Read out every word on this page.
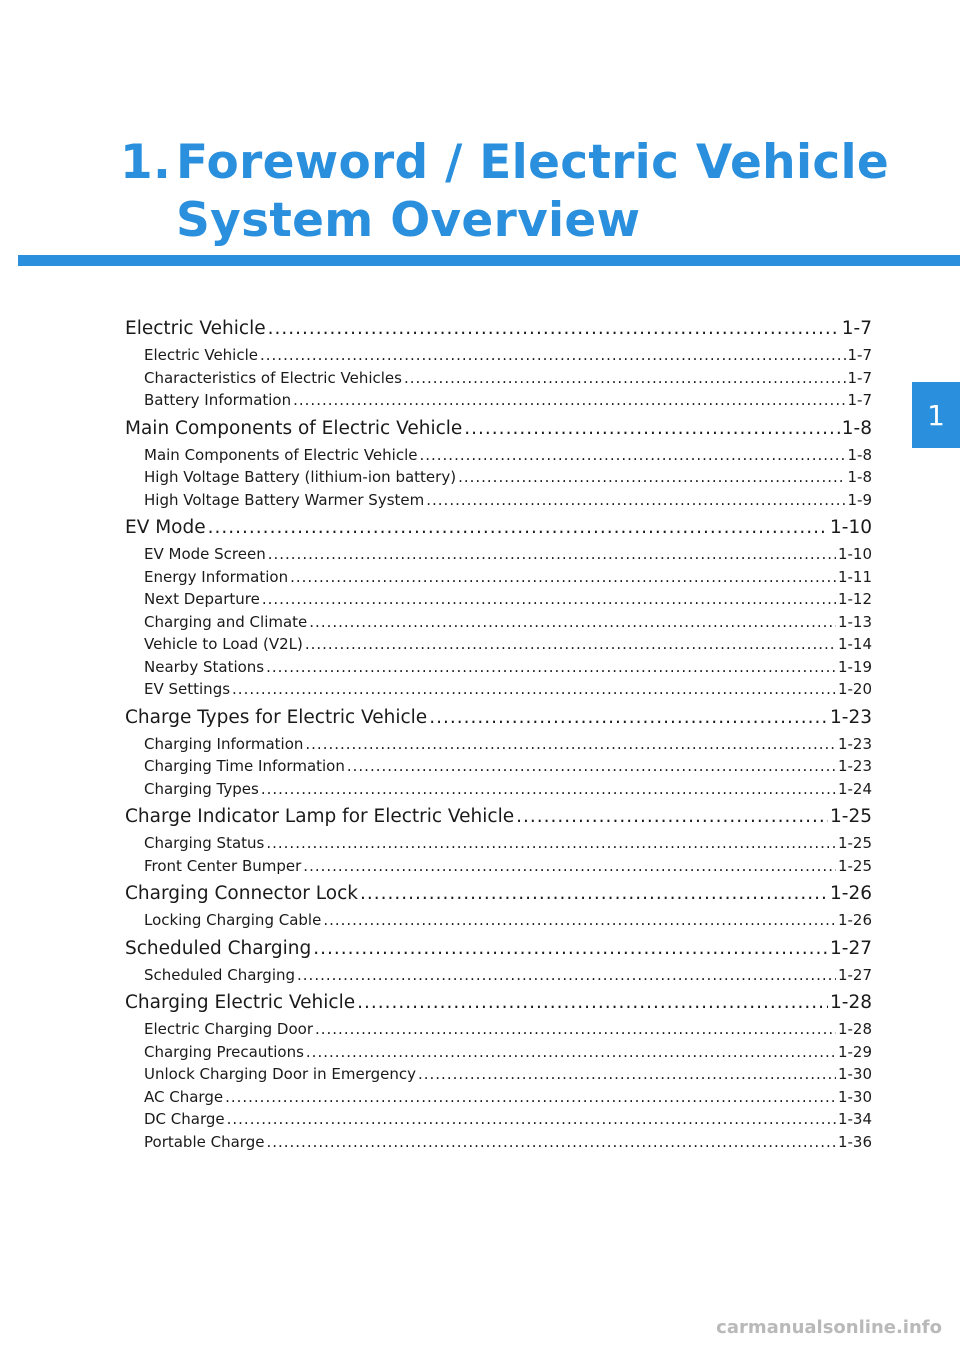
1. Foreword / Electric Vehicle
System Overview
1
Electric Vehicle .....	1-7
Electric Vehicle .....	1-7
Characteristics of Electric Vehicles .....	1-7
Battery Information .....	1-7
Main Components of Electric Vehicle .....	1-8
Main Components of Electric Vehicle .....	1-8
High Voltage Battery (lithium-ion battery) .....	1-8
High Voltage Battery Warmer System .....	1-9
EV Mode .....	1-10
EV Mode Screen .....	1-10
Energy Information .....	1-11
Next Departure .....	1-12
Charging and Climate .....	1-13
Vehicle to Load (V2L) .....	1-14
Nearby Stations .....	1-19
EV Settings .....	1-20
Charge Types for Electric Vehicle .....	1-23
Charging Information .....	1-23
Charging Time Information .....	1-23
Charging Types .....	1-24
Charge Indicator Lamp for Electric Vehicle .....	1-25
Charging Status .....	1-25
Front Center Bumper .....	1-25
Charging Connector Lock .....	1-26
Locking Charging Cable .....	1-26
Scheduled Charging .....	1-27
Scheduled Charging .....	1-27
Charging Electric Vehicle .....	1-28
Electric Charging Door .....	1-28
Charging Precautions .....	1-29
Unlock Charging Door in Emergency .....	1-30
AC Charge .....	1-30
DC Charge .....	1-34
Portable Charge .....	1-36
carmanualsonline.info
